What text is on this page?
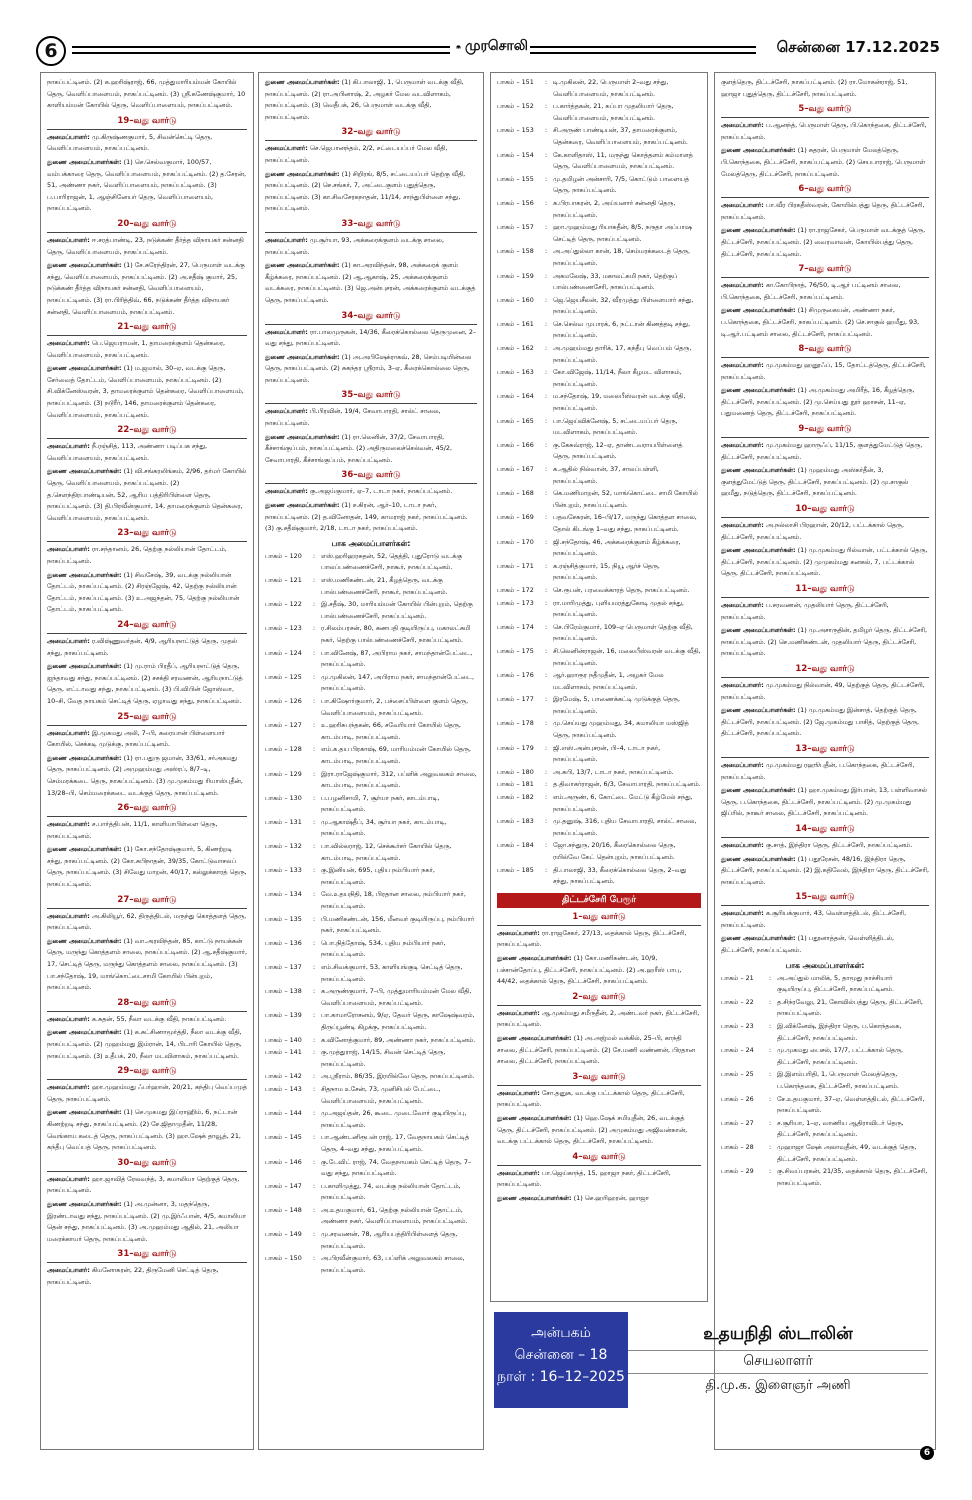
6	முரசொலி	சென்னை 17.12.2025
நாகப்பட்டினம். (2) க.ஹரிஷ்ராஜ், 66, முத்துமாரியம்மன் கோயில் தெரு, வெளிப்பாளையம், நாகப்பட்டினம். (3) ஸ்ரீ.கணேஷ்குமார், 10 காளியம்மன் கோயில் தெரு, வெளிப்பாளையம், நாகப்பட்டினம்.
19–வது வார்டு
அமைப்பாளர்: மு.கிருஷ்ணகுமார், 5, சிவன்செட்டி தெரு, வெளிப்பாளையம், நாகப்பட்டினம்.
துணை அமைப்பாளர்கள்: (1) செ.செல்வகுமார், 100/57, வம்பக்காரை தெரு, வெளிப்பாளையம், நாகப்பட்டினம். (2) த.சேரன், 51, அண்ணா நகர், வெளிப்பாளையம், நாகப்பட்டினம். (3) ப.பாரிராஜன், 1, ஆஞ்சினேயர் தெரு, வெளிப்பாளையம், நாகப்பட்டினம்.
20–வது வார்டு
அமைப்பாளர்: ஈ.சரத்பாண்டி, 23, நடுக்கண் தீர்த்த விநாயகர் சன்னதி தெரு, வெளிப்பாளையம், நாகப்பட்டினம்.
துணை அமைப்பாளர்கள்: (1) சே.சுரேந்திரன், 27, பெருமாள் வடக்கு சந்து, வெளிப்பாளையம், நாகப்பட்டினம். (2) அ.சதீஷ் குமார், 25, நடுக்கண் தீர்த்த விநாயகர் சன்னதி, வெளிப்பாளையம், நாகப்பட்டினம். (3) ரா.பிரித்திவ், 66, நடுக்கண் தீர்த்த விநாயகர் சன்னதி, வெளிப்பாளையம், நாகப்பட்டினம்.
21–வது வார்டு
அமைப்பாளர்: பெ.ஜெயராமன், 1, தாமரைக்குளம் தென்கரை, வெளிப்பாளையம், நாகப்பட்டினம்.
துணை அமைப்பாளர்கள்: (1) ம.ஜமால், 30–ஏ, வடக்கு தெரு, சேர்வைத் தோட்டம், வெளிப்பாளையம், நாகப்பட்டினம். (2) சி.விக்னேஸ்வரன், 3, தாமரைக்குளம் தென்கரை, வெளிப்பாளையம், நாகப்பட்டினம். (3) நடூரீர், 146, தாமரைக்குளம் தென்கரை, வெளிப்பாளையம், நாகப்பட்டினம்.
22–வது வார்டு
அமைப்பாளர்: நீ.ரஞ்சித், 113, அண்ணா படிப்பக சந்து, வெளிப்பாளையம், நாகப்பட்டினம்.
துணை அமைப்பாளர்கள்: (1) வி.சங்கரலிங்கம், 2/96, தர்மர் கோயில் தெரு, வெளிப்பாளையம், நாகப்பட்டினம். (2) த.சௌந்திரபாண்டியன், 52, ஆரிய பத்திரிபிள்ளை தெரு, நாகப்பட்டினம். (3) தி.பிரவீன்குமார், 14, தாமரைக்குளம் தென்கரை, வெளிப்பாளையம், நாகப்பட்டினம்.
23–வது வார்டு
அமைப்பாளர்: ரா.சந்தானம், 26, தெற்கு நல்லியான் தோட்டம், நாகப்பட்டினம்.
துணை அமைப்பாளர்கள்: (1) சிவசேஷ், 39, வடக்கு நல்லியான் தோட்டம், நாகப்பட்டினம். (2) சிரஞ்ஜேஷ், 42, தெற்கு நல்லியான் தோட்டம், நாகப்பட்டினம். (3) உ.அஜந்தன், 75, தெற்கு நல்லியான் தோட்டம், நாகப்பட்டினம்.
24–வது வார்டு
அமைப்பாளர்: ர.விஷ்ணுவர்தன், 4/9, ஆரியநாட்டுத் தெரு, முதல் சந்து, நாகப்பட்டினம்.
துணை அமைப்பாளர்கள்: (1) மு.ராம் பிரதீப், ஆரியநாட்டுத் தெரு, ஐந்தாவது சந்து, நாகப்பட்டினம். (2) சசக்தி சரவணன், ஆரியநாட்டுத் தெரு, எட்டாவது சந்து, நாகப்பட்டினம். (3) பி.விபின் ஜோஸ்வா, 10–சி, வேத நாயகம் செட்டித் தெரு, ஏழாவது சந்து, நாகப்பட்டினம்.
25–வது வார்டு
அமைப்பாளர்: இ.முகமது அலி, 7–பி, கரையான் பிள்ளையார் கோயில், செக்கடி முடுக்கு, நாகப்பட்டினம்.
துணை அமைப்பாளர்கள்: (1) ரா.பதுரு ஜமான், 33/61, சர்அகமது தெரு, நாகப்பட்டினம். (2) அமுஹம்மது அஸ்ரப், 8/7–டி, செம்மரக்கடை தெரு, நாகப்பட்டினம். (3) மு.முகம்மது ரியாஸ்புதீன், 13/28–பி, செம்மரைக்கடை வடக்குத் தெரு, நாகப்பட்டினம்.
26–வது வார்டு
அமைப்பாளர்: ச.பார்த்திபன், 11/1, காளியாபிள்ளை தெரு, நாகப்பட்டினம்.
துணை அமைப்பாளர்கள்: (1) கோ.சந்தோஷ்குமார், 5, கிணற்றடி சந்து, நாகப்பட்டினம். (2) கோ.சுபிநாதன், 39/35, கோட்டுவாசலப் தெரு, நாகப்பட்டினம். (3) சிவேது மாறன், 40/17, கல்லுக்காரத் தெரு, நாகப்பட்டினம்.
27–வது வார்டு
அமைப்பாளர்: அ.கிலியூர், 62, திருத்திடல், மருந்து கொத்தளத் தெரு, நாகப்பட்டினம்.
துணை அமைப்பாளர்கள்: (1) வா.அரவிந்தன், 85, காட்டு நாயக்கன் தெரு, மருந்து கொத்தளம் சாலை, நாகப்பட்டினம். (2) ஆ.சதீஷ்குமார், 17, செட்டித் தெரு, மருந்து கொத்தளம் சாலை, நாகப்பட்டினம். (3) பா.சந்தோஷ், 19, மாங்கொட்டைசாமி கோயில் பின்புறம், நாகப்பட்டினம்.
28–வது வார்டு
அமைப்பாளர்: க.சுதன், 55, நீலா வடக்கு வீதி, நாகப்பட்டினம்.
துணை அமைப்பாளர்கள்: (1) க.சுட்சிணாமூர்த்தி, நீலா வடக்கு வீதி, நாகப்பட்டினம். (2) முஹம்மது இம்ரான், 14, பிடாரி கோயில் தெரு, நாகப்பட்டினம். (3) உதீபக், 20, நீலா மடவிளாகம், நாகப்பட்டினம்.
29–வது வார்டு
அமைப்பாளர்: ஹா.முஹம்மது ஃபர்ஹான், 20/21, கந்திபு வெப்பமுத் தெரு, நாகப்பட்டினம்.
துணை அமைப்பாளர்கள்: (1) செ.முகமது இப்ராஹிம், 6, நட்டான் கிணற்றடி சந்து, நாகப்பட்டினம். (2) சே.ஜிதாமுதீன், 11/28, வெங்காய கடைத் தெரு, நாகப்பட்டினம். (3) ஹா.ஷேக் தாவூத், 21, கந்தீபு வெப்பத் தெரு, நாகப்பட்டினம்.
30–வது வார்டு
அமைப்பாளர்: ஹா.ஜாவித் ரேலவந்த், 3, கமாலியா தெற்குத் தெரு, நாகப்பட்டினம்.
துணை அமைப்பாளர்கள்: (1) அ.முன்னா, 3, மதந்தெரு, இரண்டாவது சந்து, நாகப்பட்டினம். (2) மு.இர்ஃபான், 4/5, கமாலியா தென் சந்து, நாகப்பட்டினம். (3) அ.முஹம்மது ஆதில், 21, அலியா மரைக்காயர் தெரு, நாகப்பட்டினம்.
31–வது வார்டு
அமைப்பாளர்: கிமனோகரன், 22, திருமேனி செட்டித் தெரு, நாகப்பட்டினம்.
துணை அமைப்பாளர்கள்: (1) கி.பாலாஜி, 1, பெருமாள் வடக்கு வீதி, நாகப்பட்டினம். (2) ரா.அபினாஷ், 2, அழகர் மேல வடவிளாகம், நாகப்பட்டினம். (3) வெதீபக், 26, பெருமாள் வடக்கு வீதி, நாகப்பட்டினம்.
32–வது வார்டு
அமைப்பாளர்: செ.ஜெபானந்தம், 2/2, சட்டையப்பர் மேல வீதி, நாகப்பட்டினம்.
துணை அமைப்பாளர்கள்: (1) சிறிரங், 8/5, சட்டையப்பர் தெற்கு வீதி, நாகப்பட்டினம். (2) செ.சங்கர், 7, அட்டைகுளம் புதுத்தெரு, நாகப்பட்டினம். (3) கா.சிவசேரகநாதன், 11/14, சாந்துபிள்ளை சந்து, நாகப்பட்டினம்.
33–வது வார்டு
அமைப்பாளர்: மு.சூர்யா, 93, அக்கரைக்குளம் வடக்கு சாலை, நாகப்பட்டினம்.
துணை அமைப்பாளர்கள்: (1) கா.அரவிந்தன், 98, அக்கரைக் குளம் கீழ்க்கரை, நாகப்பட்டினம். (2) ஆ.ஆகாஷ், 25, அக்கரைக்குளம் வடக்கரை, நாகப்பட்டினம். (3) ஜெ.அன்புசரன், அக்கரைக்குளம் வடக்குத் தெரு, நாகப்பட்டினம்.
34–வது வார்டு
அமைப்பாளர்: ரா.பாலமுருகன், 14/36, கீரைக்கொல்லை தெருமுனை, 2–வது சந்து, நாகப்பட்டினம்.
துணை அமைப்பாளர்கள்: (1) அ.அபிஷேக்ராகவ், 28, செம்படியின்லை தெரு, நாகப்பட்டினம். (2) சுகந்தர ஸ்ரீராம், 3–ஏ, கீரைக்கொல்லை தெரு, நாகப்பட்டினம்.
35–வது வார்டு
அமைப்பாளர்: பி.பிரவின், 19/4, சேவாபாரதி, சால்ட் சாலை, நாகப்பட்டினம்.
துணை அமைப்பாளர்கள்: (1) ரா.லெனின், 37/2, சேவாபாரதி, கீச்சாங்குப்பம், நாகப்பட்டினம். (2) அதிருமலைச்செல்வன், 45/2, சேவாபாரதி, கீச்சாங்குப்பம், நாகப்பட்டினம்.
36–வது வார்டு
அமைப்பாளர்: கு.அஜய்குமார், ஏ–7, டாடா நகர், நாகப்பட்டினம்.
துணை அமைப்பாளர்கள்: (1) ச.கிரன், ஆர்–10, டாடா நகர், நாகப்பட்டினம். (2) த.வினோதன், 149, காமராஜ் நகர், நாகப்பட்டினம். (3) கு.சதீஷ்குமார், 2/18, டாடா நகர், நாகப்பட்டினம்.
பாக அமைப்பாளர்கள்:
பாகம் – 120	: எஸ்.ஹரிஹரசுதன், 52, தெத்தி, புதுரோடு வடக்கு பாலப்பண்ணைச்சேரி, நாகூர், நாகப்பட்டினம்.
பாகம் – 121	: எஸ்.மணிகண்டன், 21, கீழத்தெரு, வடக்கு பால்பண்ணைச்சேரி, நாகூர், நாகப்பட்டினம்.
பாகம் – 122	: இ.சதீஷ், 30, மாரியம்மன் கோயில் பின்புறம், தெற்கு பால்பண்ணைச்சேரி, நாகப்பட்டினம்.
பாகம் – 123	: ர.சிலம்பரசன், 80, கணபதி குடியிருப்பு, மகாலட்சுமி நகர், தெற்கு பால்பண்ணைச்சேரி, நாகப்பட்டினம்.
பாகம் – 124	: பா.வினேஷ், 87, அபிராம நகர், சாமந்தான்பேட்டை, நாகப்பட்டினம்.
பாகம் – 125	: மு.முகிலன், 147, அபிராம நகர், சாமந்தான்பேட்டை, நாகப்பட்டினம்.
பாகம் – 126	: பா.கிஷோர்குமார், 2, பச்சைப்பிள்ளை குளம் தெரு, வெளிப்பாளையம், நாகப்பட்டினம்.
பாகம் – 127	: உ.ஹரிசுபந்தகன், 66, சவேரியார் கோயில் தெரு, காடம்பாடி, நாகப்பட்டினம்.
பாகம் – 128	: எம்.க.தய பிரகாஷ், 69, மாரியம்மன் கோயில் தெரு, காடம்பாடி, நாகப்பட்டினம்.
பாகம் – 129	: இரா.ராஜேஷ்குமார், 312, பப்ளிக் அலுவலகம் சாலை, காடம்பாடி, நாகப்பட்டினம்.
பாகம் – 130	: ப.பழனிசாமி, 7, சூர்யா நகர், காடம்பாடி, நாகப்பட்டினம்.
பாகம் – 131	: மு.ஆகாஷ்தீப், 34, சூர்யா நகர், காடம்பாடி, நாகப்பட்டினம்.
பாகம் – 132	: பா.வில்லராஜ், 12, செக்கூர்சர் கோயில் தெரு, காடம்பாடி, நாகப்பட்டினம்.
பாகம் – 133	: கு.இனியன், 695, புதிய நம்பியார் நகர், நாகப்பட்டினம்.
பாகம் – 134	: வே.உதயநிதி, 18, பிரதான சாலை, நம்பியார் நகர், நாகப்பட்டினம்.
பாகம் – 135	: பி.மணிகண்டன், 156, மீனவர் குடியிருப்பு, நம்பியார் நகர், நாகப்பட்டினம்.
பாகம் – 136	: பொ.நித்தோஷ், 534, புதிய நம்பியார் நகர், நாகப்பட்டினம்.
பாகம் – 137	: எம்.சிவக்குமார், 53, காளியங்குடி செட்டித் தெரு, நாகப்பட்டினம்.
பாகம் – 138	: க.அருண்குமார், 7–பி, முத்துமாரியம்மன் மேல வீதி, வெளிப்பாளையம், நாகப்பட்டினம்.
பாகம் – 139	: பா.காமாரோசனம், 9/ஏ, தேவர் தெரு, காஷேஷ்வரம், திருப்பூண்டி கிழக்கு, நாகப்பட்டினம்.
பாகம் – 140	: க.வினோத்குமார், 89, அண்ணா நகர், நாகப்பட்டினம்.
பாகம் – 141	: கு.முத்துராஜ், 14/15, சிவன் செட்டித் தெரு, நாகப்பட்டினம்.
பாகம் – 142	: அ.ஸ்ரீராம், 86/35, இரயில்வே தெரு, நாகப்பட்டினம்.
பாகம் – 143	: சிதநாம உசேன், 73, முனிசிபல் பேட்டை, வெளிப்பாளையம், நாகப்பட்டினம்.
பாகம் – 144	: மு.அஜய்தன், 26, கூடை முடைவோர் குடியிருப்பு, நாகப்பட்டினம்.
பாகம் – 145	: பா.ஆண்டனிரூபன் ராஜ், 17, வேதநாயகம் செட்டித் தெரு, 4–வது சந்து, நாகப்பட்டினம்.
பாகம் – 146	: கு.டேவிட் ராஜ், 74, வேதநாயகம் செட்டித் தெரு, 7–வது சந்து, நாகப்பட்டினம்.
பாகம் – 147	: ப.காளிமுத்து, 74, வடக்கு நல்லியான் தோட்டம், நாகப்பட்டினம்.
பாகம் – 148	: அ.உதயகுமார், 61, தெற்கு நல்லியான் தோட்டம், அண்ணா நகர், வெளிப்பாளையம், நாகப்பட்டினம்.
பாகம் – 149	: மு.சரவணன், 78, ஆரியபத்திரிபிள்ளைத் தெரு, நாகப்பட்டினம்.
பாகம் – 150	: அ.பிரவீன்குமார், 63, பப்ளிக் அலுவலகம் சாலை, நாகப்பட்டினம்.
பாகம் – 151	: டி.முகிலன், 22, பெருமாள் 2–வது சந்து, வெளிப்பாளையம், நாகப்பட்டினம்.
பாகம் – 152	: ப.கார்த்தகன், 21, கப்பா முதலியார் தெரு, வெளிப்பாளையம், நாகப்பட்டினம்.
பாகம் – 153	: சி.அருண் பாண்டியன், 37, தாமரைக்குளம், தென்கரை, வெளிப்பாளையம், நாகப்பட்டினம்.
பாகம் – 154	: கே.காளிதாஸ், 11, மருந்து கொத்தளம் கம்மாளத் தெரு, வெளிப்பாளையம், நாகப்பட்டினம்.
பாகம் – 155	: மு.தமிழன் அன்சாரி, 7/5, கொட்டும் பாளையத் தெரு, நாகப்பட்டினம்.
பாகம் – 156	: க.பிரபாகரன், 2, அய்யனார் சன்னதி தெரு, நாகப்பட்டினம்.
பாகம் – 157	: ஹா.முஹம்மது ரியாசுதீன், 8/5, நருதா அப்பாஷ செட்டித் தெரு, நாகப்பட்டினம்.
பாகம் – 158	: அ.அப்துல்லா கான், 18, செம்மரக்கடைத் தெரு, நாகப்பட்டினம்.
பாகம் – 159	: அகமலேஷ், 33, மகாலட்சுமி நகர், தெற்குப் பால்பண்ணைசேரி, நாகப்பட்டினம்.
பாகம் – 160	: ஜெ.ஜெயசீலன், 32, வீரமுத்து பிள்ளையார் சந்து, நாகப்பட்டினம்.
பாகம் – 161	: செ.செல்வ முபாரக், 6, நட்டான் கிணத்தடி சந்து, நாகப்பட்டினம்.
பாகம் – 162	: அ.முஹம்மது தாரிக், 17, கந்தீபு வெப்பம் தெரு, நாகப்பட்டினம்.
பாகம் – 163	: கோ.விஜேஷ், 11/14, நீலா கீழமட விளாகம், நாகப்பட்டினம்.
பாகம் – 164	: ம.சந்தோஷ், 19, மலைபீஸ்வரன் வடக்கு வீதி, நாகப்பட்டினம்.
பாகம் – 165	: பா.ஜெய்விக்னேஷ், 5, சட்டையப்பர் தெரு, மடவிளாகம், நாகப்பட்டினம்.
பாகம் – 166	: கு.கேசுவ்ராஜ், 12–ஏ, தாண்டவராயபிள்ளைத் தெரு, நாகப்பட்டினம்.
பாகம் – 167	: க.ஆதில் நில்வான், 37, சாலப்பள்ளி, நாகப்பட்டினம்.
பாகம் – 168	: கெ.மணிமாறன், 52, மாங்கொட்டை சாமி கோயில் பின்புறம், நாகப்பட்டினம்.
பாகம் – 169	: பதவசேகரன், 16–பி/17, மருந்து கொத்தள சாலை, தோல் கிடங்கு 1–வது சந்து, நாகப்பட்டினம்.
பாகம் – 170	: ஜி.சந்தோஷ், 46, அக்கரைக்குளம் கீழ்க்கரை, நாகப்பட்டினம்.
பாகம் – 171	: க.ரஞ்சித்குமார், 15, நியூ ஆர்ச் தெரு, நாகப்பட்டினம்.
பாகம் – 172	: செ.ரூபன், பரவைக்காரத் தெரு, நாகப்பட்டினம்.
பாகம் – 173	: ரா.மாரிமுத்து, புளியமரத்துகோடி முதல் சந்து, நாகப்பட்டினம்.
பாகம் – 174	: செ.பிரேம்குமார், 109–ஏ பெருமாள் தெற்கு வீதி, நாகப்பட்டினம்.
பாகம் – 175	: சி.லெனின்ராஜன், 16, மலைபீஸ்வரன் வடக்கு வீதி, நாகப்பட்டினம்.
பாகம் – 176	: ஆர்.ஹாரூர நதீமுதீன், 1, அழகர் மேல மடவிளாகம், நாகப்பட்டினம்.
பாகம் – 177	: இரமேஷ், 5, பாணைக்கட்டி முடுக்குத் தெரு, நாகப்பட்டினம்.
பாகம் – 178	: மு.செய்யது முஹம்மது, 34, கமாலியா மஸ்ஜித் தெரு, நாகப்பட்டினம்.
பாகம் – 179	: ஜி.எஸ்.அன்புசரன், பி–4, டாடா நகர், நாகப்பட்டினம்.
பாகம் – 180	: அ.சுபி, 13/7, டாடா நகர், நாகப்பட்டினம்.
பாகம் – 181	: த.திவாகர்ராஜன், 6/3, சேவாபாரதி, நாகப்பட்டினம்.
பாகம் – 182	: எம்.அருண், 6, கோட்டை மேட்டு கீழ்மேல் சந்து, நாகப்பட்டினம்.
பாகம் – 183	: மு.தனுஷ், 316, புதிய சேவாபாரதி, சால்ட் சாலை, நாகப்பட்டினம்.
பாகம் – 184	: ஜோ.சந்துரு, 20/16, கீரைகொல்லை தெரு, ரயில்வே கேட் தென்புறம், நாகப்பட்டினம்.
பாகம் – 185	: தி.பாலாஜி, 33, கீரைக்கொல்லை தெரு, 2–வது சந்து, நாகப்பட்டினம்.
திட்டச்சேரி பேரூர்
1–வது வார்டு
அமைப்பாளர்: ரா.ராஜசேகர், 27/13, தைக்கால் தெரு, திட்டச்சேரி, நாகப்பட்டினம்.
துணை அமைப்பாளர்கள்: (1) கோ.மணிகண்டன், 10/9, பச்சான்தோப்பு, திட்டச்சேரி, நாகப்பட்டினம். (2) அ.ஹரீஸ் பாபு, 44/42, தைக்கால் தெரு, திட்டச்சேரி, நாகப்பட்டினம்.
2–வது வார்டு
அமைப்பாளர்: ஆ.முகம்மது சமீருதீன், 2, அண்டவர் நகர், திட்டச்சேரி, நாகப்பட்டினம்.
துணை அமைப்பாளர்கள்: (1) அ.அஜ்மல் வக்கில், 25–பி, காந்தி சாலை, திட்டச்சேரி, நாகப்பட்டினம். (2) சே.மணி வண்ணன், பிரதான சாலை, திட்டச்சேரி, நாகப்பட்டினம்.
3–வது வார்டு
அமைப்பாளர்: சோ.தனுசு, வடக்கு பட்டக்கால் தெரு, திட்டச்சேரி, நாகப்பட்டினம்.
துணை அமைப்பாளர்கள்: (1) ஹெ.ஷேக் சமியுதீன், 26, வடக்குத் தெரு, திட்டச்சேரி, நாகப்பட்டினம். (2) அமுகம்மது அஜிவன்கான், வடக்கு பட்டக்கால் தெரு, திட்டச்சேரி, நாகப்பட்டினம்.
4–வது வார்டு
அமைப்பாளர்: பா.ஜெய்காந்த், 15, ஹாஜா நகர், திட்டச்சேரி, நாகப்பட்டினம்.
துணை அமைப்பாளர்கள்: (1) செ.ஹரிஹரன், ஹாஜா
குளத்தெரு, திட்டச்சேரி, நாகப்பட்டினம். (2) ரா.மோகன்ராஜ், 51, ஹாஜா புதுத்தெரு, திட்டச்சேரி, நாகப்பட்டினம்.
5–வது வார்டு
அமைப்பாளர்: ப.ஆனந்த், பெருமாள் தெரு, பி.கொந்தகை, திட்டச்சேரி, நாகப்பட்டினம்.
துணை அமைப்பாளர்கள்: (1) சுதரன், பெருமாள் மேலத்தெரு, பி.கொந்தகை, திட்டச்சேரி, நாகப்பட்டினம். (2) செயபாராஜ், பெருமாள் மேலத்தெரு, திட்டச்சேரி, நாகப்பட்டினம்.
6–வது வார்டு
அமைப்பாளர்: பா.வீர பிரகதீஸ்வரன், கோயில்பத்து தெரு, திட்டச்சேரி, நாகப்பட்டினம்.
துணை அமைப்பாளர்கள்: (1) ரா.ராஜசேகர், பெருமாள் வடக்குத் தெரு, திட்டச்சேரி, நாகப்பட்டினம். (2) வைரவாவன், கோயில்பத்து தெரு, திட்டச்சேரி, நாகப்பட்டினம்.
7–வது வார்டு
அமைப்பாளர்: கா.கோபிநாத், 76/50, டி.ஆர் பட்டினம் சாலை, பி.கொந்தகை, திட்டச்சேரி, நாகப்பட்டினம்.
துணை அமைப்பாளர்கள்: (1) சிமுருகையன், அண்ணா நகர், ப.கொந்தகை, திட்டச்சேரி, நாகப்பட்டினம். (2) செ.சாகுல் ஹமீது, 93, டி.ஆர்.பட்டினம் சாலை, திட்டச்சேரி, நாகப்பட்டினம்.
8–வது வார்டு
அமைப்பாளர்: மு.முகம்மது ஹனூஃப், 15, தோட்டத்தெரு, திட்டச்சேரி, நாகப்பட்டினம்.
துணை அமைப்பாளர்கள்: (1) அ.முகம்மது அமிரீத், 16, கீழத்தெரு, திட்டச்சேரி, நாகப்பட்டினம். (2) மு.செய்யது நூர் ஹாசன், 11–ஏ, பதுமணைத் தெரு, திட்டச்சேரி, நாகப்பட்டினம்.
9–வது வார்டு
அமைப்பாளர்: மு.முகம்மது ஹாருஃப், 11/15, குளத்துமேட்டுத் தெரு, திட்டச்சேரி, நாகப்பட்டினம்.
துணை அமைப்பாளர்கள்: (1) முஹம்மது அஸ்கர்தீன், 3, குளத்துமேட்டுத் தெரு, திட்டச்சேரி, நாகப்பட்டினம். (2) மு.சாகுல் ஹமீது, நடுத்தெரு, திட்டச்சேரி, நாகப்பட்டினம்.
10–வது வார்டு
அமைப்பாளர்: அ.நல்லாசி பிரஹான், 20/12, பட்டக்கால் தெரு, திட்டச்சேரி, நாகப்பட்டினம்.
துணை அமைப்பாளர்கள்: (1) மு.முகம்மது ரில்வான், பட்டக்கால் தெரு, திட்டச்சேரி, நாகப்பட்டினம். (2) முமுகம்மது கனகல், 7, பட்டக்கால் தெரு, திட்டச்சேரி, நாகப்பட்டினம்.
11–வது வார்டு
அமைப்பாளர்: ப.சரவணன், முதலியார் தெரு, திட்டச்சேரி, நாகப்பட்டினம்.
துணை அமைப்பாளர்கள்: (1) மு.அசாருதின், தமிழர் தெரு, திட்டச்சேரி, நாகப்பட்டினம். (2) செ.மணிகண்டன், முதலியார் தெரு, திட்டச்சேரி, நாகப்பட்டினம்.
12–வது வார்டு
அமைப்பாளர்: மு.முகம்மது நில்வான், 49, தெற்குத் தெரு, திட்டச்சேரி, நாகப்பட்டினம்.
துணை அமைப்பாளர்கள்: (1) மு.முகம்மது இன்சாத், தெற்குத் தெரு, திட்டச்சேரி, நாகப்பட்டினம். (2) ஜே.முகம்மது பாசித், தெற்குத் தெரு, திட்டச்சேரி, நாகப்பட்டினம்.
13–வது வார்டு
அமைப்பாளர்: மு.முகம்மது ரஹூபுதீன், ப.கொந்தகை, திட்டச்சேரி, நாகப்பட்டினம்.
துணை அமைப்பாளர்கள்: (1) ஹா.முகம்மது இர்பான், 13, பள்ளிவாசல் தெரு, ப.கொந்தகை, திட்டச்சேரி, நாகப்பட்டினம். (2) மு.முகம்மது ஜிப்ரில், நாகூர் சாலை, திட்டச்சேரி, நாகப்பட்டினம்.
14–வது வார்டு
அமைப்பாளர்: கு.சாத், இந்திரா தெரு, திட்டச்சேரி, நாகப்பட்டினம்.
துணை அமைப்பாளர்கள்: (1) பதூரேசன், 48/16, இந்திரா தெரு, திட்டச்சேரி, நாகப்பட்டினம். (2) இ.கதிவேல், இந்திரா தெரு, திட்டச்சேரி, நாகப்பட்டினம்.
15–வது வார்டு
அமைப்பாளர்: க.சூரியக்குமார், 43, வெள்ளத்திடல், திட்டச்சேரி, நாகப்பட்டினம்.
துணை அமைப்பாளர்கள்: (1) பதூனாத்தன், வெள்ளித்திடல், திட்டச்சேரி, நாகப்பட்டினம்.
பாக அமைப்பாளர்கள்:
பாகம் – 21	: அ.அப்துல் மாலிக், 5, தாமூது நாச்சியார் குடியிருப்பு, திட்டச்சேரி, நாகப்பட்டினம்.
பாகம் – 22	: த.சிந்ரவேலு, 21, கோவில்பத்து தெரு, திட்டச்சேரி, நாகப்பட்டினம்.
பாகம் – 23	: இ.விக்னேஷ், இந்திரா தெரு, ப.கொந்தகை, திட்டச்சேரி, நாகப்பட்டினம்.
பாகம் – 24	: மு.முகமது பைசல், 17/7, பட்டக்கால் தெரு, திட்டச்சேரி, நாகப்பட்டினம்.
பாகம் – 25	: இ.இளம்பரிதி, 1, பெருமாள் மேலத்தெரு, ப.கொந்தகை, திட்டச்சேரி, நாகப்பட்டினம்.
பாகம் – 26	: சே.உதயகுமார், 37–ஏ, வெள்ளத்திடல், திட்டச்சேரி, நாகப்பட்டினம்.
பாகம் – 27	: ச.சூரியா, 1–ஏ, வாணிய ஆதிராவிடர் தெரு, திட்டச்சேரி, நாகப்பட்டினம்.
பாகம் – 28	: முஹாஜா ஷேக் அலாவுதீன், 49, வடக்குத் தெரு, திட்டச்சேரி, நாகப்பட்டினம்.
பாகம் – 29	: கு.சிவப்பரகன், 21/35, தைக்கால் தெரு, திட்டச்சேரி, நாகப்பட்டினம்.
அன்பகம்
சென்னை – 18
நாள் : 16–12–2025
உதயநிதி ஸ்டாலின்
செயலாளர்
தி.மு.க. இளைஞர் அணி
6
